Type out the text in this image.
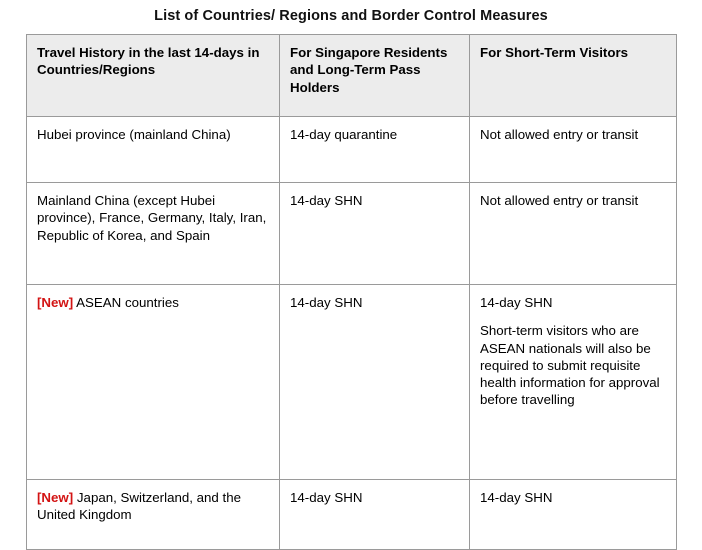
List of Countries/ Regions and Border Control Measures
Travel History in the last 14-days in Countries/Regions	For Singapore Residents and Long-Term Pass Holders	For Short-Term Visitors
Hubei province (mainland China)	14-day quarantine	Not allowed entry or transit

Mainland China (except Hubei province), France, Germany, Italy, Iran, Republic of Korea, and Spain	14-day SHN	Not allowed entry or transit

[New] ASEAN countries	14-day SHN	14-day SHN

Short-term visitors who are ASEAN nationals will also be required to submit requisite health information for approval before travelling

[New] Japan, Switzerland, and the United Kingdom	14-day SHN	14-day SHN
